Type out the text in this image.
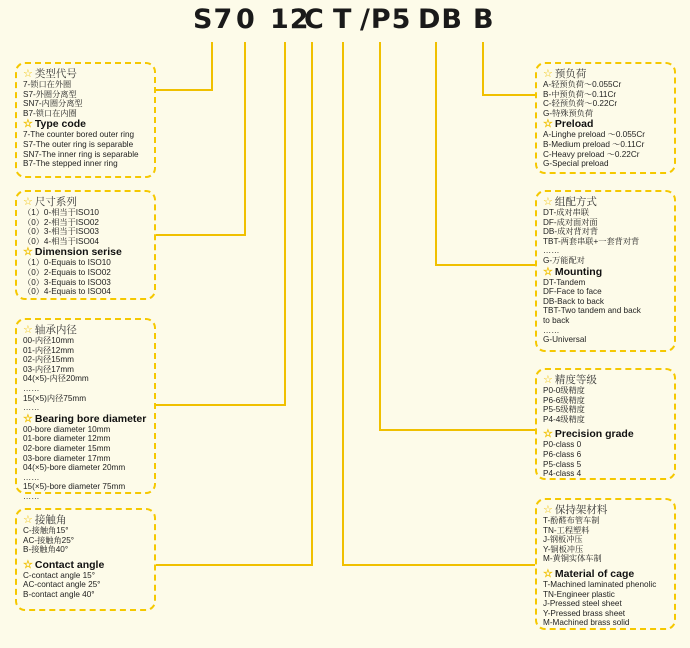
S7 0 12
C T /P5 DB B
☆ 类型代号
7-锁口在外圈
S7-外圈分离型
SN7-内圈分离型
B7-锁口在内圈
☆ Type code
7-The counter bored outer ring
S7-The outer ring is separable
SN7-The inner ring is separable
B7-The stepped inner ring
☆ 尺寸系列
（1）0-相当于ISO10
（0）2-相当于ISO02
（0）3-相当于ISO03
（0）4-相当于ISO04
☆ Dimension serise
（1）0-Equais to ISO10
（0）2-Equais to ISO02
（0）3-Equais to ISO03
（0）4-Equais to ISO04
☆ 轴承内径
00-内径10mm
01-内径12mm
02-内径15mm
03-内径17mm
04(×5)-内径20mm
……
15(×5)内径75mm
……
☆ Bearing bore diameter
00-bore diameter 10mm
01-bore diameter 12mm
02-bore diameter 15mm
03-bore diameter 17mm
04(×5)-bore diameter 20mm
……
15(×5)-bore diameter 75mm
……
☆ 接触角
C-接触角15°
AC-接触角25°
B-接触角40°
☆ Contact angle
C-contact angle 15°
AC-contact angle 25°
B-contact angle 40°
☆ 预负荷
A-轻预负荷～0.055Cr
B-中预负荷～0.11Cr
C-轻预负荷～0.22Cr
G-特殊预负荷
☆ Preload
A-Linghe preload ～0.055Cr
B-Medium preload ～0.11Cr
C-Heavy preload ～0.22Cr
G-Special preload
☆ 组配方式
DT-成对串联
DF-成对面对面
DB-成对背对背
TBT-两套串联+一套背对背
……
G-万能配对
☆ Mounting
DT-Tandem
DF-Face to face
DB-Back to back
TBT-Two tandem and back
to back
……
G-Universal
☆ 精度等级
P0-0级精度
P6-6级精度
P5-5级精度
P4-4级精度
☆ Precision grade
P0-class 0
P6-class 6
P5-class 5
P4-class 4
☆ 保持架材料
T-酚醛布管车制
TN-工程塑料
J-钢板冲压
Y-铜板冲压
M-黄铜实体车制
☆ Material of cage
T-Machined laminated phenolic
TN-Engineer plastic
J-Pressed steel sheet
Y-Pressed brass sheet
M-Machined brass solid
